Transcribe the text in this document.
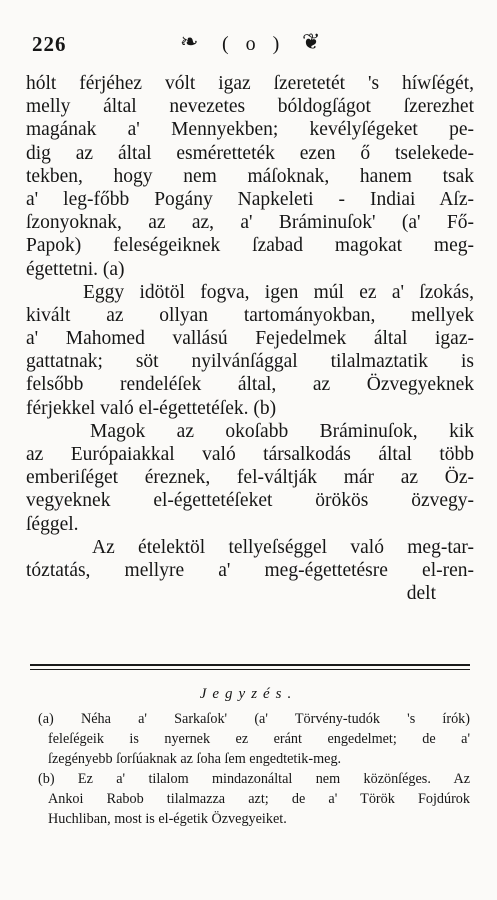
226	❧ ( o ) ❦
hólt férjéhez vólt igaz ſzeretetét 's híwſégét,
melly által nevezetes bóldogſágot ſzerezhet
magának a' Mennyekben; kevélyſégeket pe-
dig az által esméretteték ezen ő tselekede-
tekben, hogy nem máſoknak, hanem tsak
a' leg-főbb Pogány Napkeleti - Indiai Aſz-
ſzonyoknak, az az, a' Bráminuſok' (a' Fő-
Papok) feleségeiknek ſzabad magokat meg-
égettetni. (a)
Eggy idötöl fogva, igen múl ez a' ſzokás,
kivált az ollyan tartományokban, mellyek
a' Mahomed vallású Fejedelmek által igaz-
gattatnak; söt nyilvánſággal tilalmaztatik is
felsőbb rendeléſek által, az Özvegyeknek
férjekkel való el-égettetéſek. (b)
Magok az okoſabb Bráminuſok, kik
az Európaiakkal való társalkodás által több
emberiſéget éreznek, fel-váltják már az Öz-
vegyeknek el-égettetéſeket örökös özvegy-
ſéggel.
Az ételektöl tellyeſséggel való meg-tar-
tóztatás, mellyre a' meg-égettetésre el-ren-
delt
Jegyzés.
(a) Néha a' Sarkaſok' (a' Törvény-tudók 's írók)
feleſégeik is nyernek ez eránt engedelmet; de a'
ſzegényebb ſorſúaknak az ſoha ſem engedtetik-meg.
(b) Ez a' tilalom mindazonáltal nem közönſéges. Az
Ankoi Rabob tilalmazza azt; de a' Török Fojdúrok
Huchliban, most is el-égetik Özvegyeiket.
